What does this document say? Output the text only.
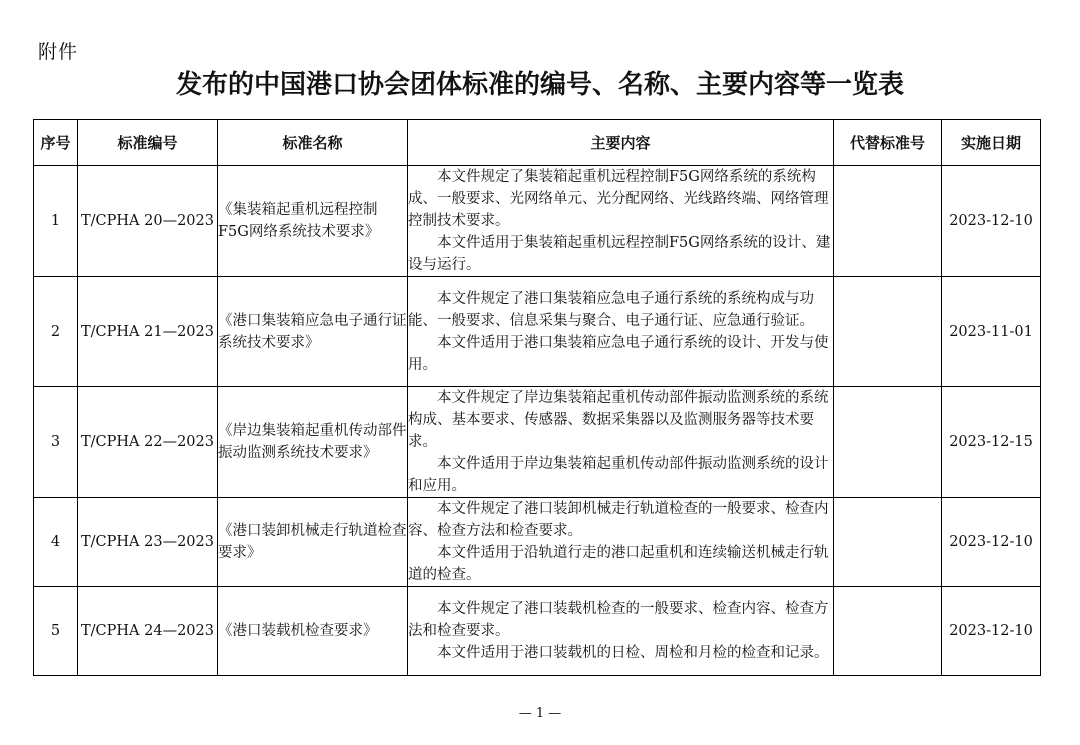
附件
发布的中国港口协会团体标准的编号、名称、主要内容等一览表
序号	标准编号	标准名称	主要内容	代替标准号	实施日期
1	T/CPHA 20—2023	《集装箱起重机远程控制F5G网络系统技术要求》	本文件规定了集装箱起重机远程控制F5G网络系统的系统构成、一般要求、光网络单元、光分配网络、光线路终端、网络管理控制技术要求。
本文件适用于集装箱起重机远程控制F5G网络系统的设计、建设与运行。		2023-12-10
2	T/CPHA 21—2023	《港口集装箱应急电子通行证系统技术要求》	本文件规定了港口集装箱应急电子通行系统的系统构成与功能、一般要求、信息采集与聚合、电子通行证、应急通行验证。
本文件适用于港口集装箱应急电子通行系统的设计、开发与使用。		2023-11-01
3	T/CPHA 22—2023	《岸边集装箱起重机传动部件振动监测系统技术要求》	本文件规定了岸边集装箱起重机传动部件振动监测系统的系统构成、基本要求、传感器、数据采集器以及监测服务器等技术要求。
本文件适用于岸边集装箱起重机传动部件振动监测系统的设计和应用。		2023-12-15
4	T/CPHA 23—2023	《港口装卸机械走行轨道检查要求》	本文件规定了港口装卸机械走行轨道检查的一般要求、检查内容、检查方法和检查要求。
本文件适用于沿轨道行走的港口起重机和连续输送机械走行轨道的检查。		2023-12-10
5	T/CPHA 24—2023	《港口装载机检查要求》	本文件规定了港口装载机检查的一般要求、检查内容、检查方法和检查要求。
本文件适用于港口装载机的日检、周检和月检的检查和记录。		2023-12-10
— 1 —
